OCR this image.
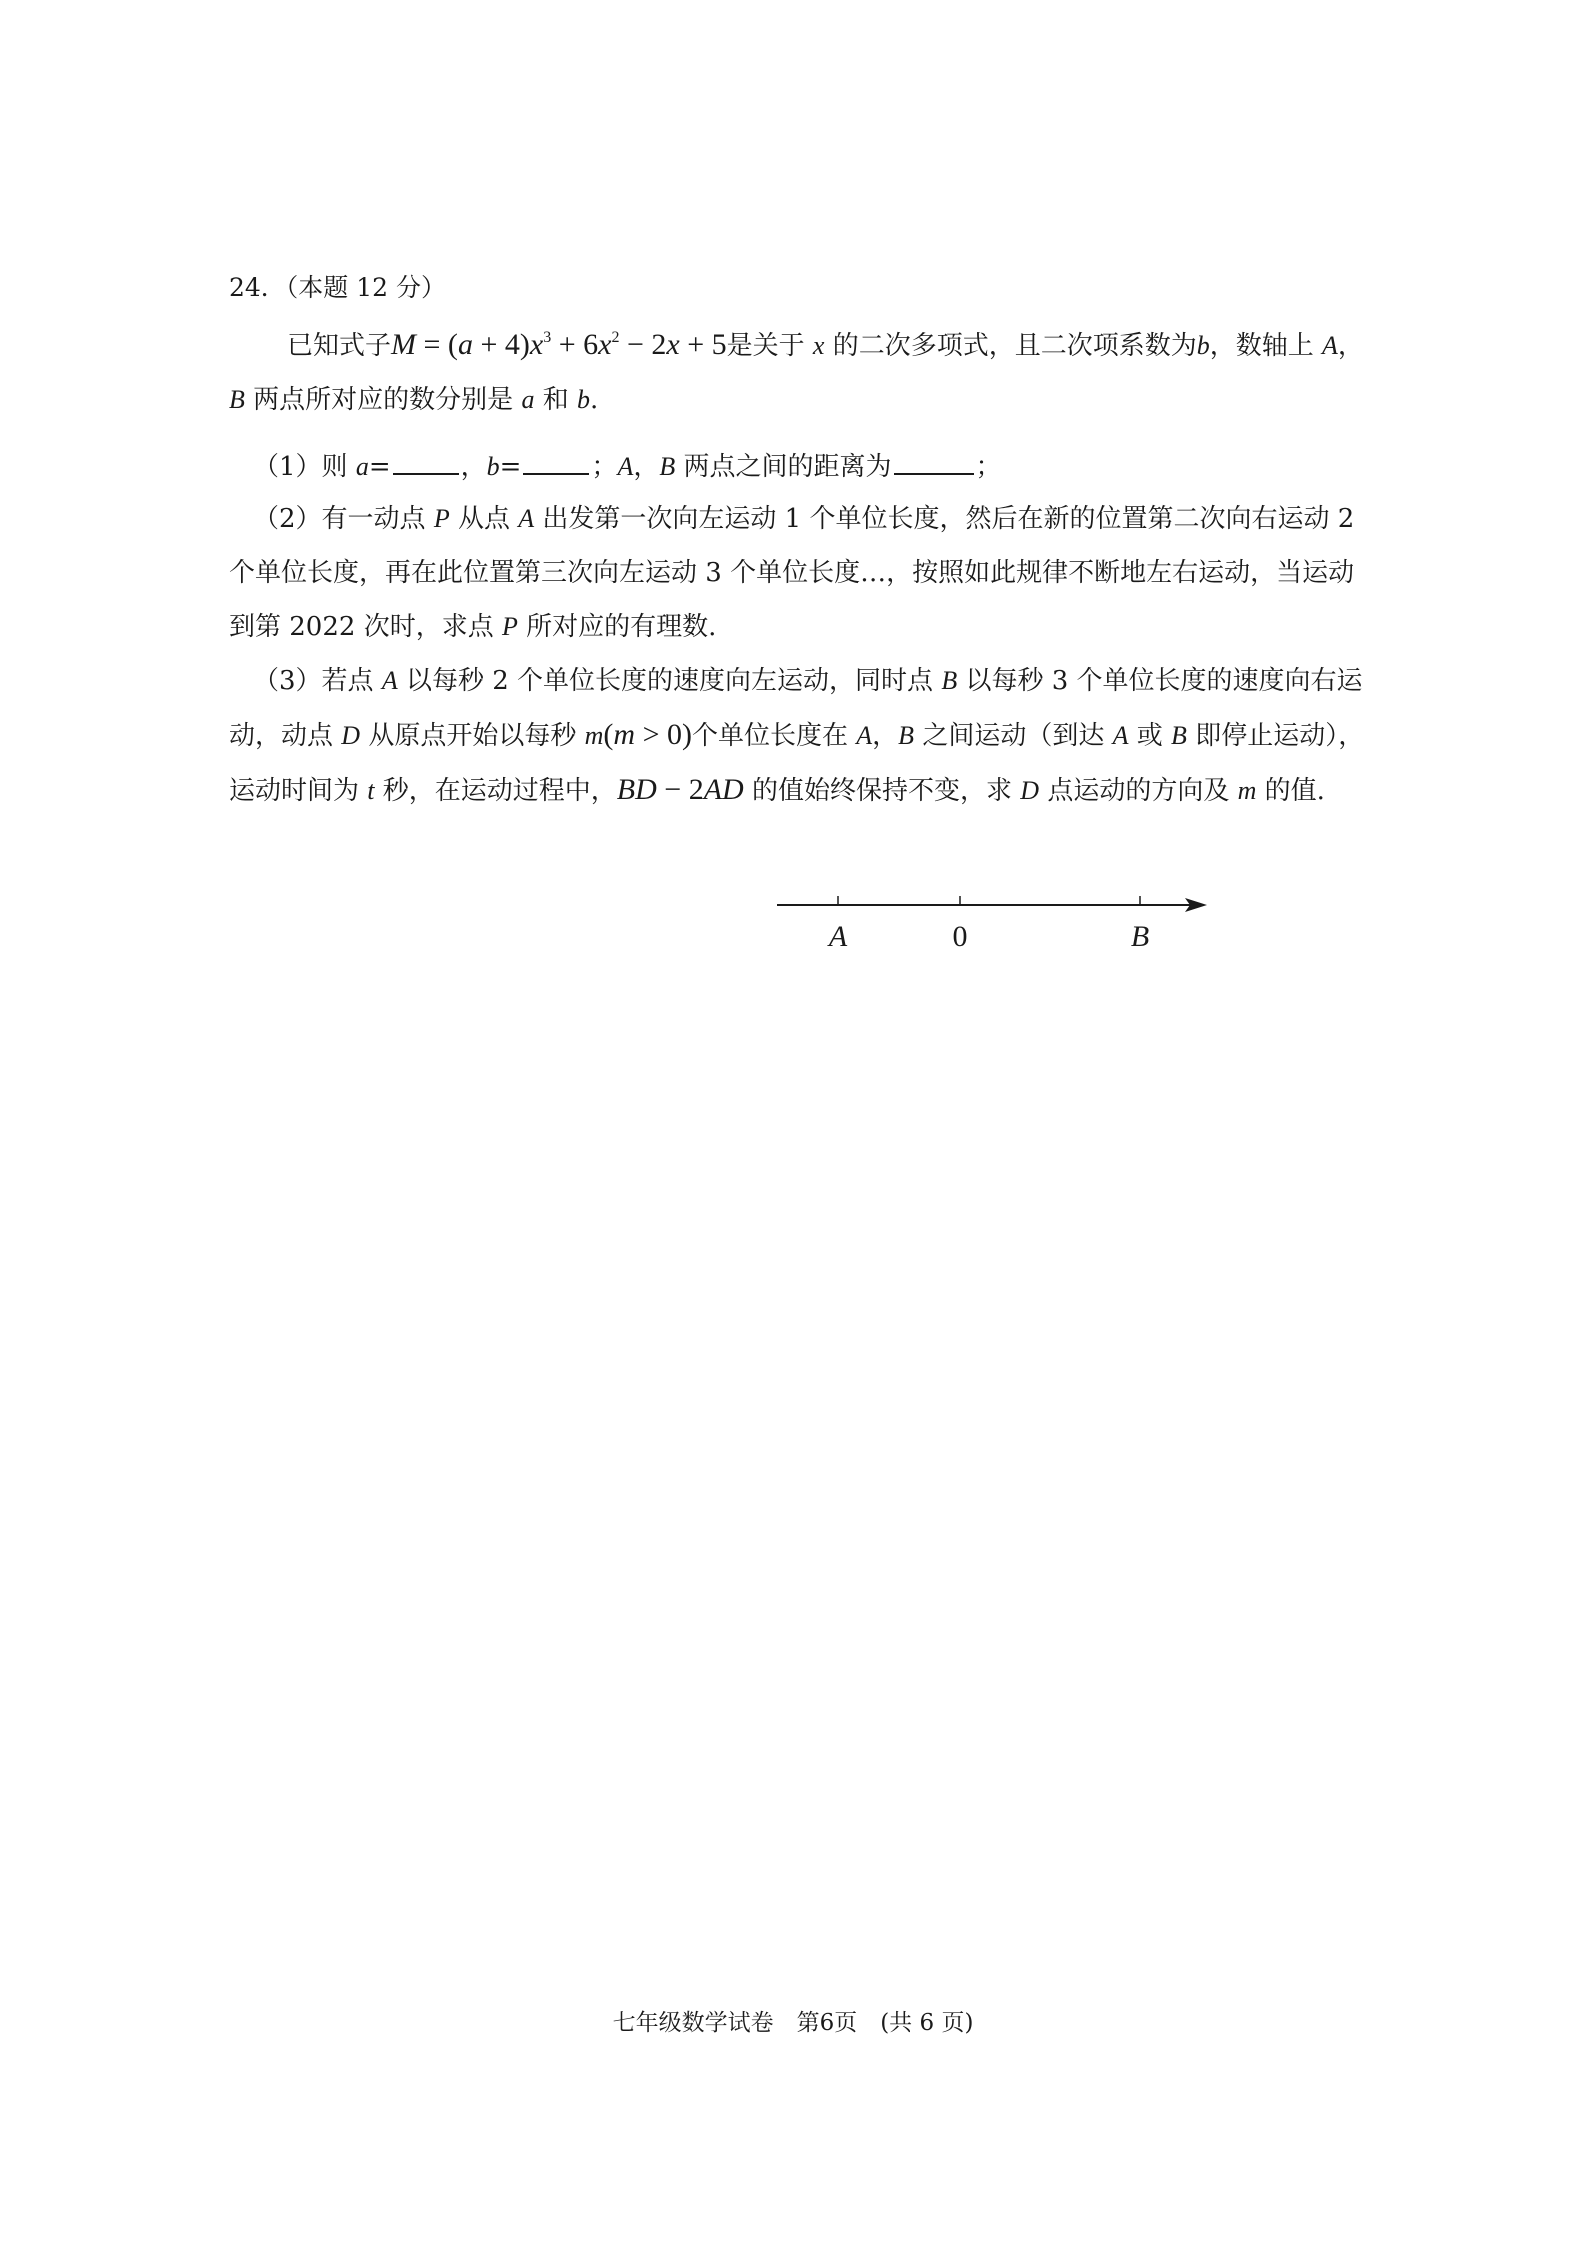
24．（本题 12 分）
已知式子$M = (a + 4)x^3 + 6x^2 - 2x + 5$是关于 x 的二次多项式，且二次项系数为b，数轴上 A，B 两点所对应的数分别是 a 和 b.
（1）则 a=	，b=	；A，B 两点之间的距离为	；
（2）有一动点 P 从点 A 出发第一次向左运动 1 个单位长度，然后在新的位置第二次向右运动 2 个单位长度，再在此位置第三次向左运动 3 个单位长度…，按照如此规律不断地左右运动，当运动到第 2022 次时，求点 P 所对应的有理数.
（3）若点 A 以每秒 2 个单位长度的速度向左运动，同时点 B 以每秒 3 个单位长度的速度向右运动，动点 D 从原点开始以每秒 m(m > 0)个单位长度在 A，B 之间运动（到达 A 或 B 即停止运动），运动时间为 t 秒，在运动过程中，BD − 2AD 的值始终保持不变，求 D 点运动的方向及 m 的值.
A	0	B
七年级数学试卷　第6页　(共 6 页)
